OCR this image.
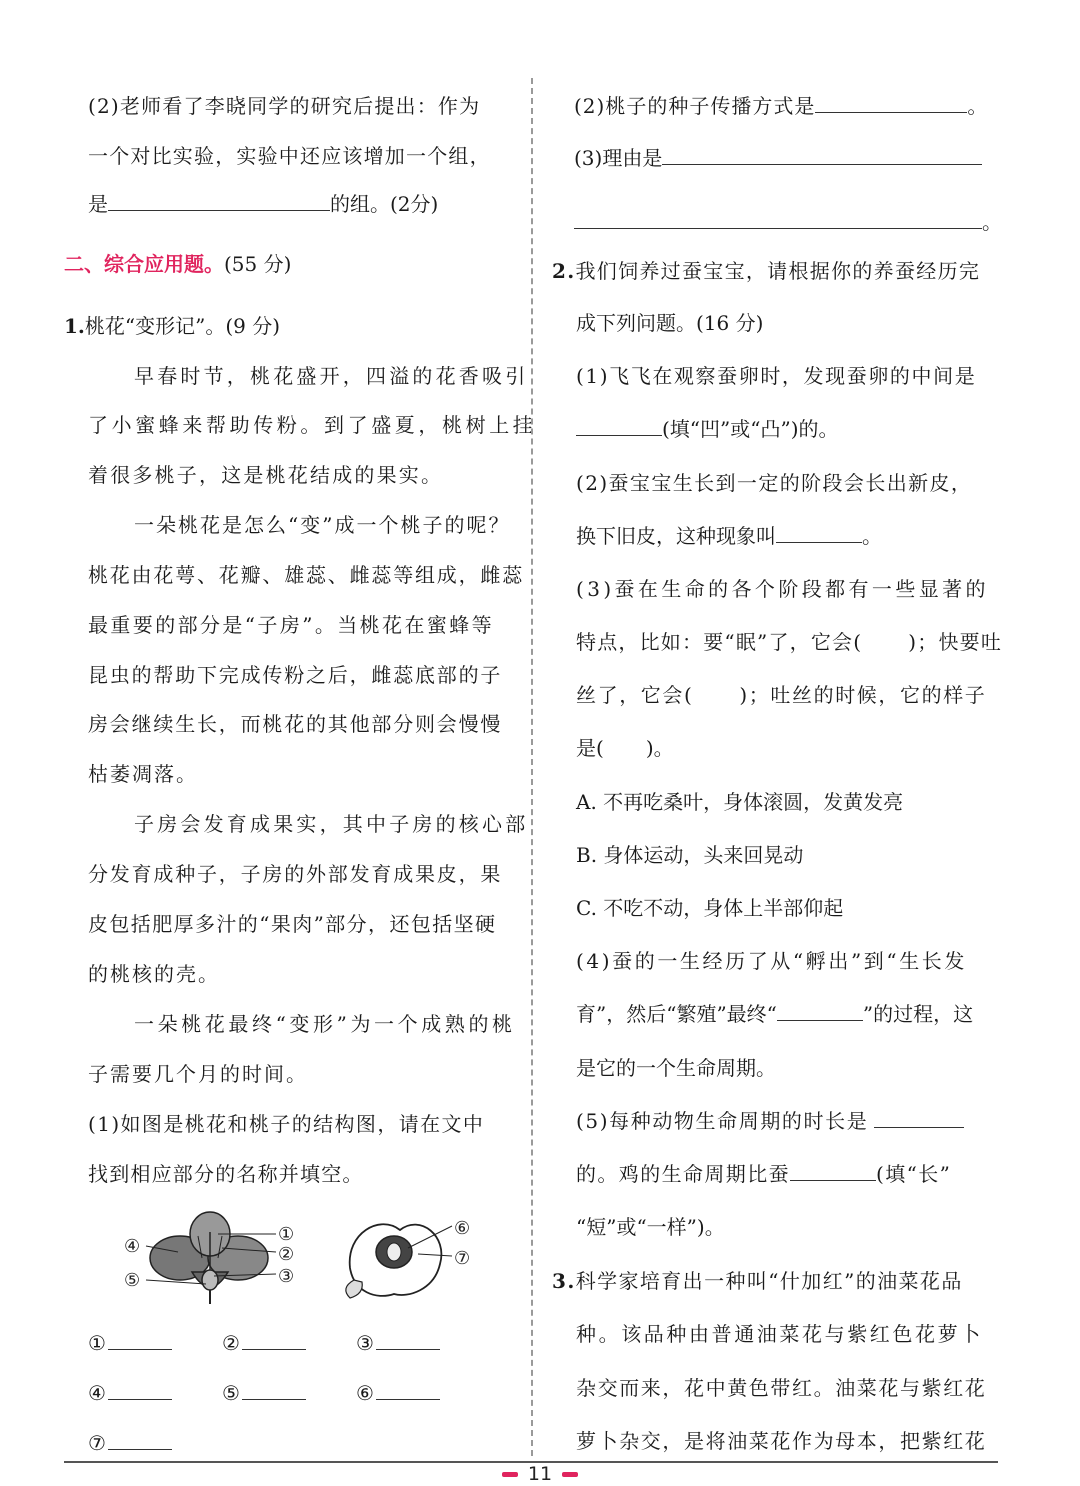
(2)老师看了李晓同学的研究后提出：作为
一个对比实验，实验中还应该增加一个组，
是	的组。(2分)
二、综合应用题。(55 分)
1.桃花“变形记”。(9 分)
早春时节，桃花盛开，四溢的花香吸引
了小蜜蜂来帮助传粉。到了盛夏，桃树上挂
着很多桃子，这是桃花结成的果实。
一朵桃花是怎么“变”成一个桃子的呢？
桃花由花萼、花瓣、雄蕊、雌蕊等组成，雌蕊
最重要的部分是“子房”。当桃花在蜜蜂等
昆虫的帮助下完成传粉之后，雌蕊底部的子
房会继续生长，而桃花的其他部分则会慢慢
枯萎凋落。
子房会发育成果实，其中子房的核心部
分发育成种子，子房的外部发育成果皮，果
皮包括肥厚多汁的“果肉”部分，还包括坚硬
的桃核的壳。
一朵桃花最终“变形”为一个成熟的桃
子需要几个月的时间。
(1)如图是桃花和桃子的结构图，请在文中
找到相应部分的名称并填空。
①
②
③
④
⑤
⑥
⑦
①	②	③
④	⑤	⑥
⑦
(2)桃子的种子传播方式是	。
(3)理由是
。
2.我们饲养过蚕宝宝，请根据你的养蚕经历完
成下列问题。(16 分)
(1)飞飞在观察蚕卵时，发现蚕卵的中间是
(填“凹”或“凸”)的。
(2)蚕宝宝生长到一定的阶段会长出新皮，
换下旧皮，这种现象叫	。
(3)蚕在生命的各个阶段都有一些显著的
特点，比如：要“眠”了，它会( )；快要吐
丝了，它会( )；吐丝的时候，它的样子
是( )。
A. 不再吃桑叶，身体滚圆，发黄发亮
B. 身体运动，头来回晃动
C. 不吃不动，身体上半部仰起
(4)蚕的一生经历了从“孵出”到“生长发
育”，然后“繁殖”最终“	”的过程，这
是它的一个生命周期。
(5)每种动物生命周期的时长是
的。鸡的生命周期比蚕	(填“长”
“短”或“一样”)。
3.科学家培育出一种叫“什加红”的油菜花品
种。该品种由普通油菜花与紫红色花萝卜
杂交而来，花中黄色带红。油菜花与紫红花
萝卜杂交，是将油菜花作为母本，把紫红花
11
